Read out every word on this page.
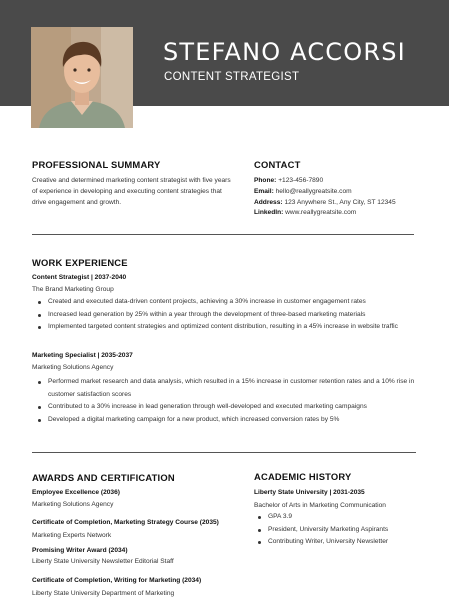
STEFANO ACCORSI
CONTENT STRATEGIST
PROFESSIONAL SUMMARY
Creative and determined marketing content strategist with five years of experience in developing and executing content strategies that drive engagement and growth.
CONTACT
Phone: +123-456-7890
Email: hello@reallygreatsite.com
Address: 123 Anywhere St., Any City, ST 12345
LinkedIn: www.reallygreatsite.com
WORK EXPERIENCE
Content Strategist | 2037-2040
The Brand Marketing Group
Created and executed data-driven content projects, achieving a 30% increase in customer engagement rates
Increased lead generation by 25% within a year through the development of three-based marketing materials
Implemented targeted content strategies and optimized content distribution, resulting in a 45% increase in website traffic
Marketing Specialist | 2035-2037
Marketing Solutions Agency
Performed market research and data analysis, which resulted in a 15% increase in customer retention rates and a 10% rise in customer satisfaction scores
Contributed to a 30% increase in lead generation through well-developed and executed marketing campaigns
Developed a digital marketing campaign for a new product, which increased conversion rates by 5%
AWARDS AND CERTIFICATION
Employee Excellence (2036)
Marketing Solutions Agency
Certificate of Completion, Marketing Strategy Course (2035)
Marketing Experts Network
Promising Writer Award (2034)
Liberty State University Newsletter Editorial Staff
Certificate of Completion, Writing for Marketing (2034)
Liberty State University Department of Marketing
ACADEMIC HISTORY
Liberty State University | 2031-2035
Bachelor of Arts in Marketing Communication
GPA 3.9
President, University Marketing Aspirants
Contributing Writer, University Newsletter
